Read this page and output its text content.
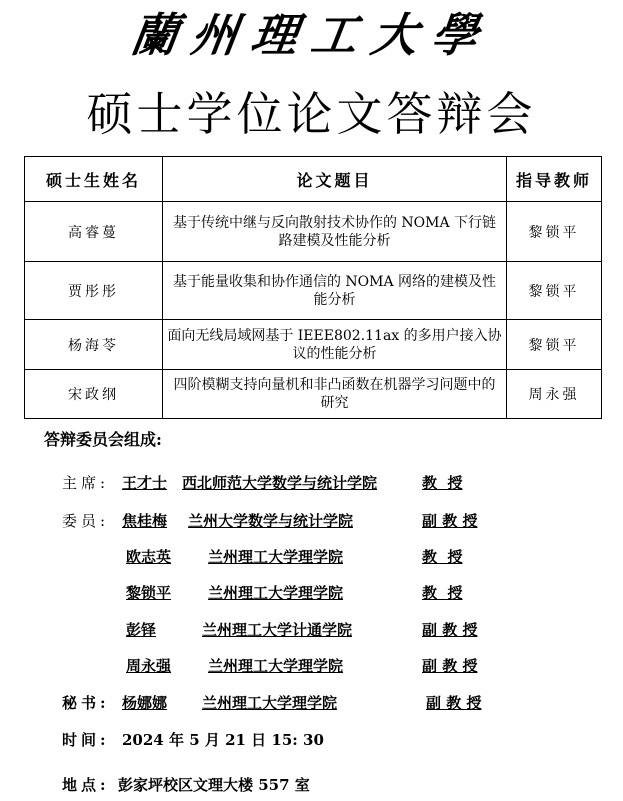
蘭州理工大學
硕士学位论文答辩会
硕士生姓名	论文题目	指导教师
高睿蔓	基于传统中继与反向散射技术协作的 NOMA 下行链路建模及性能分析	黎锁平
贾彤彤	基于能量收集和协作通信的 NOMA 网络的建模及性能分析	黎锁平
杨海苓	面向无线局域网基于 IEEE802.11ax 的多用户接入协议的性能分析	黎锁平
宋政纲	四阶模糊支持向量机和非凸函数在机器学习问题中的研究	周永强
答辩委员会组成:
主席: 王才士 西北师范大学数学与统计学院	教  授
委员: 焦桂梅 兰州大学数学与统计学院	副 教 授
欧志英 兰州理工大学理学院	教  授
黎锁平 兰州理工大学理学院	教  授
彭铎	兰州理工大学计通学院	副 教 授
周永强 兰州理工大学理学院	副 教 授
秘书: 杨娜娜 兰州理工大学理学院	副 教 授
时间: 2024 年 5 月 21 日 15: 30
地点: 彭家坪校区文理大楼 557 室
